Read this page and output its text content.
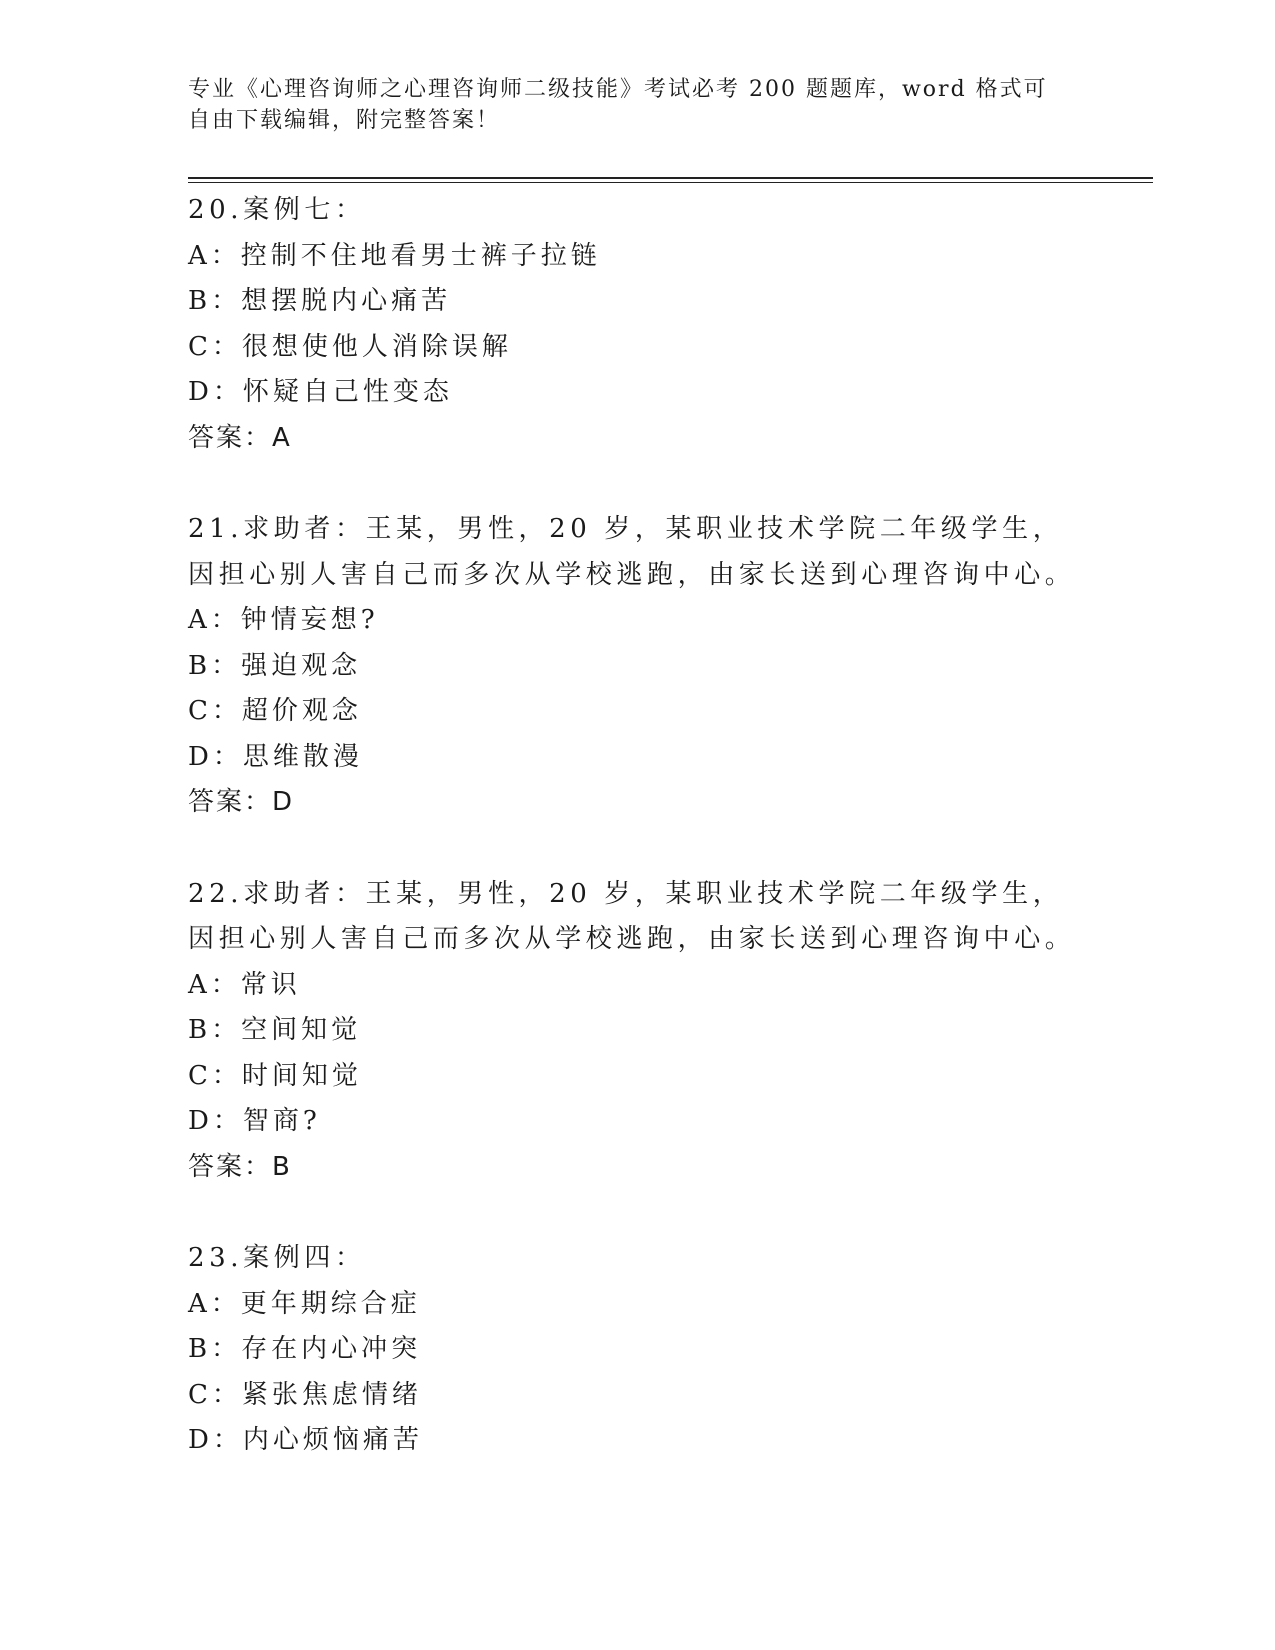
专业《心理咨询师之心理咨询师二级技能》考试必考 200 题题库，word 格式可自由下载编辑，附完整答案！
20.案例七：
A：控制不住地看男士裤子拉链
B：想摆脱内心痛苦
C：很想使他人消除误解
D：怀疑自己性变态
答案：A
21.求助者：王某，男性，20 岁，某职业技术学院二年级学生，因担心别人害自己而多次从学校逃跑，由家长送到心理咨询中心。
A：钟情妄想?
B：强迫观念
C：超价观念
D：思维散漫
答案：D
22.求助者：王某，男性，20 岁，某职业技术学院二年级学生，因担心别人害自己而多次从学校逃跑，由家长送到心理咨询中心。
A：常识
B：空间知觉
C：时间知觉
D：智商?
答案：B
23.案例四：
A：更年期综合症
B：存在内心冲突
C：紧张焦虑情绪
D：内心烦恼痛苦
